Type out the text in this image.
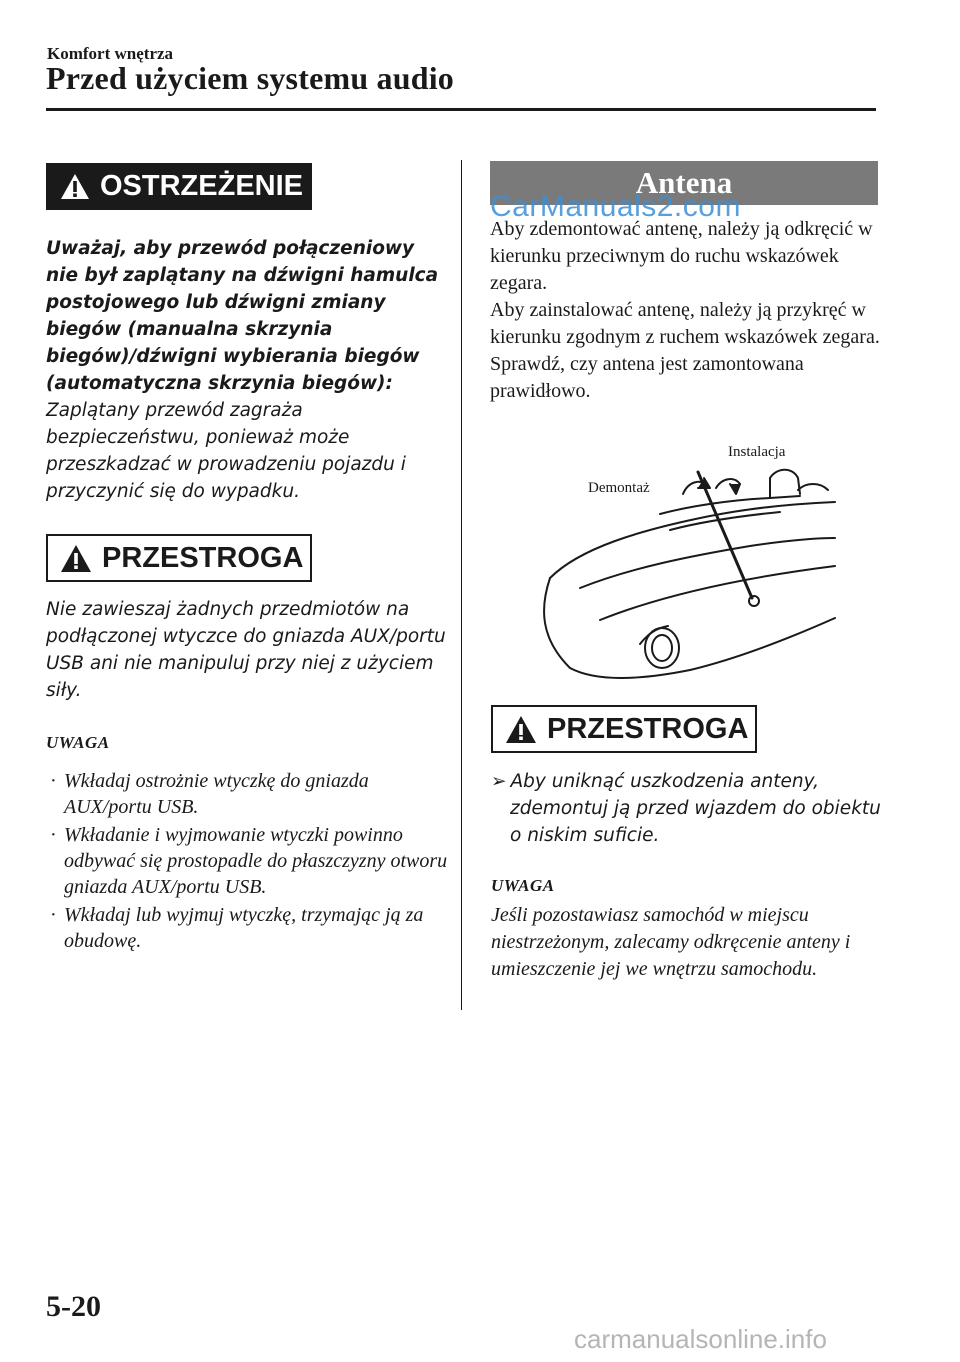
Komfort wnętrza
Przed użyciem systemu audio
OSTRZEŻENIE
Uważaj, aby przewód połączeniowy nie był zaplątany na dźwigni hamulca postojowego lub dźwigni zmiany biegów (manualna skrzynia biegów)/dźwigni wybierania biegów (automatyczna skrzynia biegów):
Zaplątany przewód zagraża bezpieczeństwu, ponieważ może przeszkadzać w prowadzeniu pojazdu i przyczynić się do wypadku.
PRZESTROGA
Nie zawieszaj żadnych przedmiotów na podłączonej wtyczce do gniazda AUX/portu USB ani nie manipuluj przy niej z użyciem siły.
UWAGA
· Wkładaj ostrożnie wtyczkę do gniazda AUX/portu USB.
· Wkładanie i wyjmowanie wtyczki powinno odbywać się prostopadle do płaszczyzny otworu gniazda AUX/portu USB.
· Wkładaj lub wyjmuj wtyczkę, trzymając ją za obudowę.
Antena

Aby zdemontować antenę, należy ją odkręcić w kierunku przeciwnym do ruchu wskazówek zegara.

Aby zainstalować antenę, należy ją przykręć w kierunku zgodnym z ruchem wskazówek zegara.

Sprawdź, czy antena jest zamontowana prawidłowo.

Instalacja
Demontaż
PRZESTROGA
➢ Aby uniknąć uszkodzenia anteny,
zdemontuj ją przed wjazdem do obiektu
o niskim suficie.
UWAGA
Jeśli pozostawiasz samochód w miejscu niestrzeżonym, zalecamy odkręcenie anteny i umieszczenie jej we wnętrzu samochodu.
5-20
CarManuals2.com
carmanualsonline.info
